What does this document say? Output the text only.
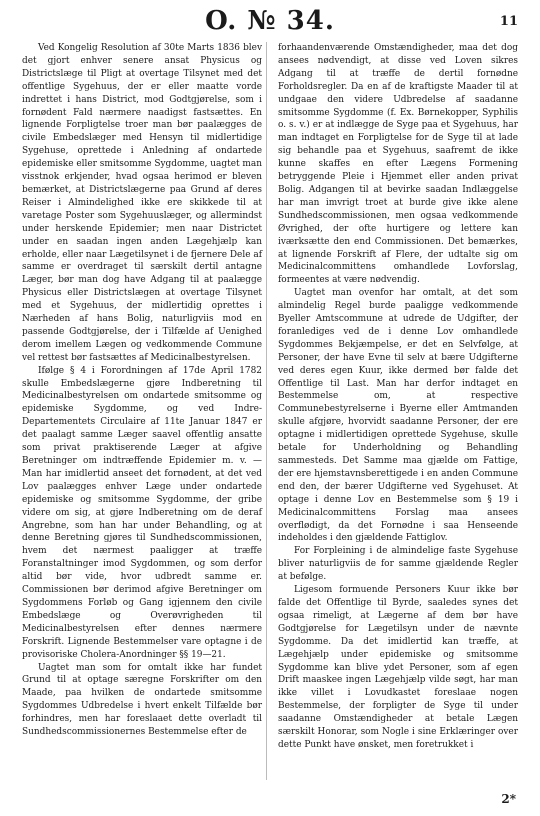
O. № 34.	11

Ved Kongelig Resolution af 30te Marts 1836 blev det gjort enhver senere ansat Physicus og Districtslæge til Pligt at overtage Tilsynet med det offentlige Sygehuus, der er eller maatte vorde indrettet i hans District, mod Godtgjørelse, som i fornødent Fald nærmere naadigst fastsættes. En lignende Forpligtelse troer man bør paalægges de civile Embedslæger med Hensyn til midlertidige Sygehuse, oprettede i Anledning af ondartede epidemiske eller smitsomme Sygdomme, uagtet man visstnok erkjender, hvad ogsaa herimod er bleven bemærket, at Districtslægerne paa Grund af deres Reiser i Almindelighed ikke ere skikkede til at varetage Poster som Sygehuuslæger, og allermindst under herskende Epidemier; men naar Districtet under en saadan ingen anden Lægehjælp kan erholde, eller naar Lægetilsynet i de fjernere Dele af samme er overdraget til særskilt dertil antagne Læger, bør man dog have Adgang til at paalægge Physicus eller Districtslægen at overtage Tilsynet med et Sygehuus, der midlertidig oprettes i Nærheden af hans Bolig, naturligviis mod en passende Godtgjørelse, der i Tilfælde af Uenighed derom imellem Lægen og vedkommende Commune vel rettest bør fastsættes af Medicinalbestyrelsen.

Ifølge § 4 i Forordningen af 17de April 1782 skulle Embedslægerne gjøre Indberetning til Medicinalbestyrelsen om ondartede smitsomme og epidemiske Sygdomme, og ved Indre-Departementets Circulaire af 11te Januar 1847 er det paalagt samme Læger saavel offentlig ansatte som privat praktiserende Læger at afgive Beretninger om indtræffende Epidemier m. v. — Man har imidlertid anseet det fornødent, at det ved Lov paalægges enhver Læge under ondartede epidemiske og smitsomme Sygdomme, der gribe videre om sig, at gjøre Indberetning om de deraf Angrebne, som han har under Behandling, og at denne Beretning gjøres til Sundhedscommissionen, hvem det nærmest paaligger at træffe Foranstaltninger imod Sygdommen, og som derfor altid bør vide, hvor udbredt samme er. Commissionen bør derimod afgive Beretninger om Sygdommens Forløb og Gang igjennem den civile Embedslæge og Overøvrigheden til Medicinalbestyrelsen efter dennes nærmere Forskrift. Lignende Bestemmelser vare optagne i de provisoriske Cholera-Anordninger §§ 19—21.

Uagtet man som for omtalt ikke har fundet Grund til at optage særegne Forskrifter om den Maade, paa hvilken de ondartede smitsomme Sygdommes Udbredelse i hvert enkelt Tilfælde bør forhindres, men har foreslaaet dette overladt til Sundhedscommissionernes Bestemmelse efter de

forhaandenværende Omstændigheder, maa det dog ansees nødvendigt, at disse ved Loven sikres Adgang til at træffe de dertil fornødne Forholdsregler. Da en af de kraftigste Maader til at undgaae den videre Udbredelse af saadanne smitsomme Sygdomme (f. Ex. Børnekopper, Syphilis o. s. v.) er at indlægge de Syge paa et Sygehuus, har man indtaget en Forpligtelse for de Syge til at lade sig behandle paa et Sygehuus, saafremt de ikke kunne skaffes en efter Lægens Formening betryggende Pleie i Hjemmet eller anden privat Bolig. Adgangen til at bevirke saadan Indlæggelse har man imvrigt troet at burde give ikke alene Sundhedscommissionen, men ogsaa vedkommende Øvrighed, der ofte hurtigere og lettere kan iværksætte den end Commissionen. Det bemærkes, at lignende Forskrift af Flere, der udtalte sig om Medicinalcommittens omhandlede Lovforslag, formeentes at være nødvendig.

Uagtet man ovenfor har omtalt, at det som almindelig Regel burde paaligge vedkommende Byeller Amtscommune at udrede de Udgifter, der foranlediges ved de i denne Lov omhandlede Sygdommes Bekjæmpelse, er det en Selvfølge, at Personer, der have Evne til selv at bære Udgifterne ved deres egen Kuur, ikke dermed bør falde det Offentlige til Last. Man har derfor indtaget en Bestemmelse om, at respective Communebestyrelserne i Byerne eller Amtmanden skulle afgjøre, hvorvidt saadanne Personer, der ere optagne i midlertidigen oprettede Sygehuse, skulle betale for Underholdning og Behandling sammesteds. Det Samme maa gjælde om Fattige, der ere hjemstavnsberettigede i en anden Commune end den, der bærer Udgifterne ved Sygehuset. At optage i denne Lov en Bestemmelse som § 19 i Medicinalcommittens Forslag maa ansees overflødigt, da det Fornødne i saa Henseende indeholdes i den gjældende Fattiglov.

For Forpleining i de almindelige faste Sygehuse bliver naturligviis de for samme gjældende Regler at befølge.

Ligesom formuende Personers Kuur ikke bør falde det Offentlige til Byrde, saaledes synes det ogsaa rimeligt, at Lægerne af dem bør have Godtgjørelse for Lægetilsyn under de nævnte Sygdomme. Da det imidlertid kan træffe, at Lægehjælp under epidemiske og smitsomme Sygdomme kan blive ydet Personer, som af egen Drift maaskee ingen Lægehjælp vilde søgt, har man ikke villet i Lovudkastet foreslaae nogen Bestemmelse, der forpligter de Syge til under saadanne Omstændigheder at betale Lægen særskilt Honorar, som Nogle i sine Erklæringer over dette Punkt have ønsket, men foretrukket i

2*
